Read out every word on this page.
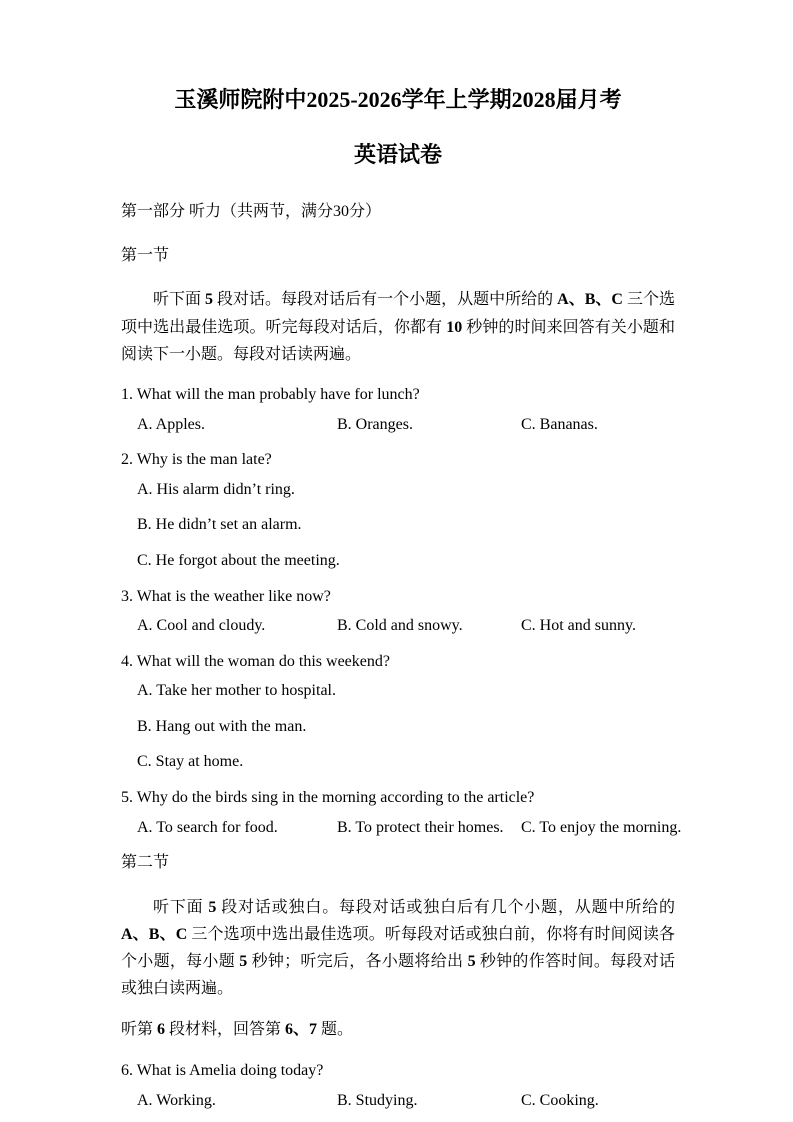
玉溪师院附中2025-2026学年上学期2028届月考
英语试卷

第一部分 听力（共两节，满分30分）

第一节

听下面 5 段对话。每段对话后有一个小题，从题中所给的 A、B、C 三个选项中选出最佳选项。听完每段对话后，你都有 10 秒钟的时间来回答有关小题和阅读下一小题。每段对话读两遍。

1. What will the man probably have for lunch?

A. Apples.	B. Oranges.	C. Bananas.

2. Why is the man late?

A. His alarm didn’t ring.

B. He didn’t set an alarm.

C. He forgot about the meeting.

3. What is the weather like now?

A. Cool and cloudy.	B. Cold and snowy.	C. Hot and sunny.

4. What will the woman do this weekend?

A. Take her mother to hospital.

B. Hang out with the man.

C. Stay at home.

5. Why do the birds sing in the morning according to the article?

A. To search for food.	B. To protect their homes. C. To enjoy the morning.

第二节

听下面 5 段对话或独白。每段对话或独白后有几个小题，从题中所给的 A、B、C 三个选项中选出最佳选项。听每段对话或独白前，你将有时间阅读各个小题，每小题 5 秒钟；听完后，各小题将给出 5 秒钟的作答时间。每段对话或独白读两遍。

听第 6 段材料，回答第 6、7 题。

6. What is Amelia doing today?

A. Working.	B. Studying.	C. Cooking.
